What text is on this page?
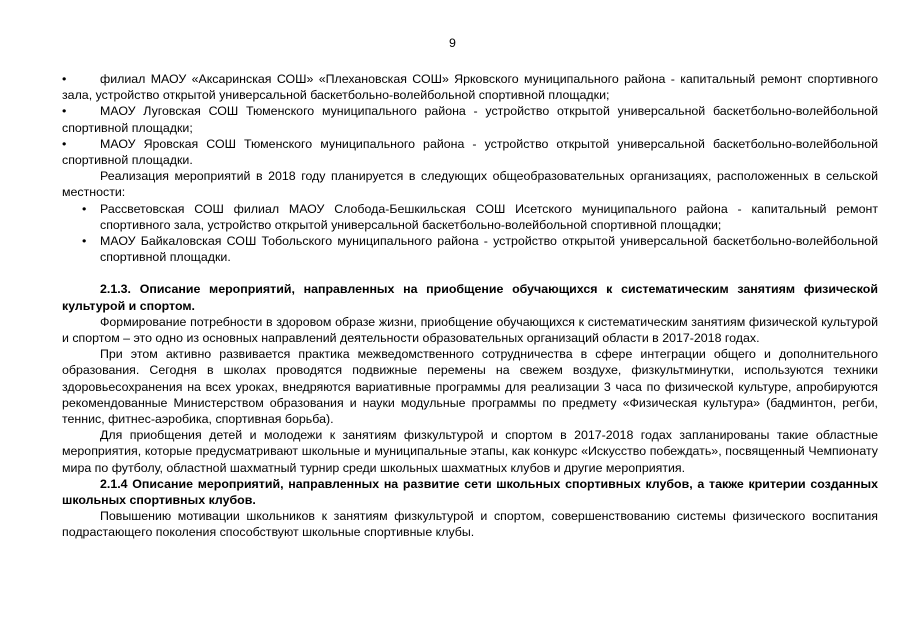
9
•	филиал МАОУ «Аксаринская СОШ» «Плехановская СОШ» Ярковского муниципального района - капитальный ремонт спортивного зала, устройство открытой универсальной баскетбольно-волейбольной спортивной площадки;
•	МАОУ Луговская СОШ Тюменского муниципального района - устройство открытой универсальной баскетбольно-волейбольной спортивной площадки;
•	МАОУ Яровская СОШ Тюменского муниципального района - устройство открытой универсальной баскетбольно-волейбольной спортивной площадки.

Реализация мероприятий в 2018 году планируется в следующих общеобразовательных организациях, расположенных в сельской местности:

• Рассветовская СОШ филиал МАОУ Слобода-Бешкильская СОШ Исетского муниципального района - капитальный ремонт спортивного зала, устройство открытой универсальной баскетбольно-волейбольной спортивной площадки;
• МАОУ Байкаловская СОШ Тобольского муниципального района - устройство открытой универсальной баскетбольно-волейбольной спортивной площадки.

2.1.3. Описание мероприятий, направленных на приобщение обучающихся к систематическим занятиям физической культурой и спортом.

Формирование потребности в здоровом образе жизни, приобщение обучающихся к систематическим занятиям физической культурой и спортом – это одно из основных направлений деятельности образовательных организаций области в 2017-2018 годах.

При этом активно развивается практика межведомственного сотрудничества в сфере интеграции общего и дополнительного образования. Сегодня в школах проводятся подвижные перемены на свежем воздухе, физкультминутки, используются техники здоровьесохранения на всех уроках, внедряются вариативные программы для реализации 3 часа по физической культуре, апробируются рекомендованные Министерством образования и науки модульные программы по предмету «Физическая культура» (бадминтон, регби, теннис, фитнес-аэробика, спортивная борьба).

Для приобщения детей и молодежи к занятиям физкультурой и спортом в 2017-2018 годах запланированы такие областные мероприятия, которые предусматривают школьные и муниципальные этапы, как конкурс «Искусство побеждать», посвященный Чемпионату мира по футболу, областной шахматный турнир среди школьных шахматных клубов и другие мероприятия.

2.1.4 Описание мероприятий, направленных на развитие сети школьных спортивных клубов, а также критерии созданных школьных спортивных клубов.

Повышению мотивации школьников к занятиям физкультурой и спортом, совершенствованию системы физического воспитания подрастающего поколения способствуют школьные спортивные клубы.
